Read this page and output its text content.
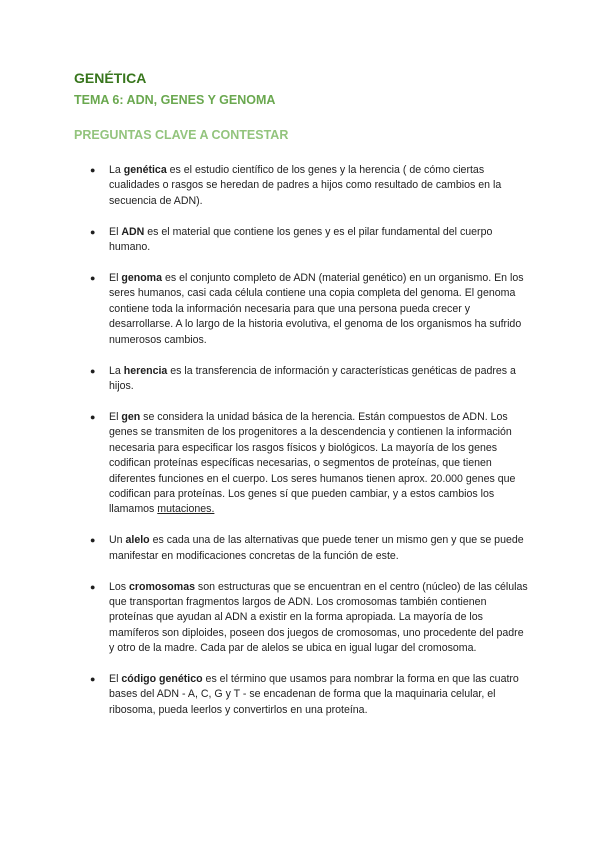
GENÉTICA
TEMA 6: ADN, GENES Y GENOMA
PREGUNTAS CLAVE A CONTESTAR
● La genética es el estudio científico de los genes y la herencia ( de cómo ciertas cualidades o rasgos se heredan de padres a hijos como resultado de cambios en la secuencia de ADN).
● El ADN es el material que contiene los genes y es el pilar fundamental del cuerpo humano.
● El genoma es el conjunto completo de ADN (material genético) en un organismo. En los seres humanos, casi cada célula contiene una copia completa del genoma. El genoma contiene toda la información necesaria para que una persona pueda crecer y desarrollarse. A lo largo de la historia evolutiva, el genoma de los organismos ha sufrido numerosos cambios.
● La herencia es la transferencia de información y características genéticas de padres a hijos.
● El gen se considera la unidad básica de la herencia. Están compuestos de ADN. Los genes se transmiten de los progenitores a la descendencia y contienen la información necesaria para especificar los rasgos físicos y biológicos. La mayoría de los genes codifican proteínas específicas necesarias, o segmentos de proteínas, que tienen diferentes funciones en el cuerpo. Los seres humanos tienen aprox. 20.000 genes que codifican para proteínas. Los genes sí que pueden cambiar, y a estos cambios los llamamos mutaciones.
● Un alelo es cada una de las alternativas que puede tener un mismo gen y que se puede manifestar en modificaciones concretas de la función de este.
● Los cromosomas son estructuras que se encuentran en el centro (núcleo) de las células que transportan fragmentos largos de ADN. Los cromosomas también contienen proteínas que ayudan al ADN a existir en la forma apropiada. La mayoría de los mamíferos son diploides, poseen dos juegos de cromosomas, uno procedente del padre y otro de la madre. Cada par de alelos se ubica en igual lugar del cromosoma.
● El código genético es el término que usamos para nombrar la forma en que las cuatro bases del ADN - A, C, G y T - se encadenan de forma que la maquinaria celular, el ribosoma, pueda leerlos y convertirlos en una proteína.
